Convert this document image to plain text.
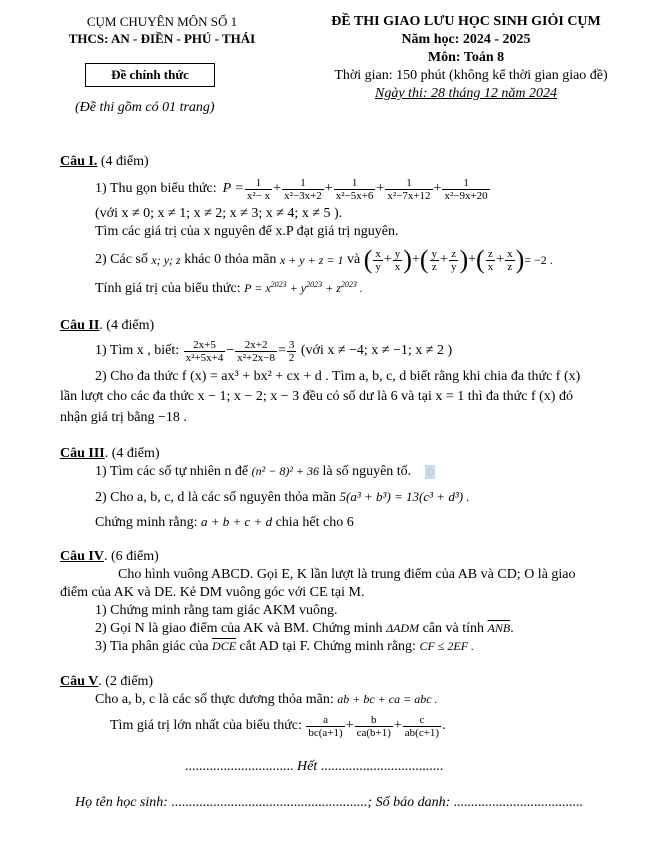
CỤM CHUYÊN MÔN SỐ 1
THCS: AN - ĐIỀN - PHÚ - THÁI
Đề chính thức
(Đề thi gồm có 01 trang)
ĐỀ THI GIAO LƯU HỌC SINH GIỎI CỤM
Năm học: 2024 - 2025
Môn: Toán 8
Thời gian: 150 phút (không kể thời gian giao đề)
Ngày thi: 28 tháng 12 năm 2024
Câu I. (4 điểm)
1) Thu gọn biểu thức: $P = \frac{1}{\text{x²− x}} + \frac{1}{\text{x²−3x+2}} + \frac{1}{\text{x²−5x+6}} + \frac{1}{\text{x²−7x+12}} + \frac{1}{\text{x²−9x+20}}$
(với x ≠ 0; x ≠ 1; x ≠ 2; x ≠ 3; x ≠ 4; x ≠ 5 ).
Tìm các giá trị của x nguyên để x.P đạt giá trị nguyên.
2) Các số
x; y; z
khác 0 thỏa mãn
x + y + z = 1
và
( $\frac{x}{y} + \frac{y}{x}$ ) + ( $\frac{y}{z} + \frac{z}{y}$ ) + ( $\frac{z}{x} + \frac{x}{z}$ ) = −2 .
Tính giá trị của biểu thức: $P = x^{2023} + y^{2023} + z^{2023}$ .
Câu II. (4 điểm)
1) Tìm x , biết:
$\frac{2x+5}{\text{x²+5x+4}} - \frac{2x+2}{\text{x²+2x−8}} = \frac{3}{2}$
(với x ≠ −4; x ≠ −1; x ≠ 2 )
2) Cho đa thức f (x) = ax³ + bx² + cx + d . Tìm a, b, c, d biết rằng khi chia đa thức f (x)
lần lượt cho các đa thức x − 1; x − 2; x − 3 đều có số dư là 6 và tại x = 1 thì đa thức f (x) đó
nhận giá trị bằng −18 .
Câu III. (4 điểm)
1) Tìm các số tự nhiên n để (n² − 8)² + 36 là số nguyên tố.
2) Cho a, b, c, d là các số nguyên thỏa mãn 5(a³ + b³) = 13(c³ + d³) .
Chứng minh rằng: a + b + c + d chia hết cho 6
Câu IV. (6 điểm)
Cho hình vuông ABCD. Gọi E, K lần lượt là trung điểm của AB và CD; O là giao
điểm của AK và DE. Kẻ DM vuông góc với CE tại M.
1) Chứng minh rằng tam giác AKM vuông.
2) Gọi N là giao điểm của AK và BM. Chứng minh ΔADM cân và tính $\overline{ANB}$.
3) Tia phân giác của $\overline{DCE}$ cắt AD tại F. Chứng minh rằng: CF ≤ 2EF .
Câu V. (2 điểm)
Cho a, b, c là các số thực dương thỏa mãn: ab + bc + ca = abc .
Tìm giá trị lớn nhất của biểu thức:
$\frac{a}{bc(a+1)} + \frac{b}{ca(b+1)} + \frac{c}{ab(c+1)}$ .
............................... Hết ...................................
Họ tên học sinh: ........................................................; Số báo danh: .....................................
